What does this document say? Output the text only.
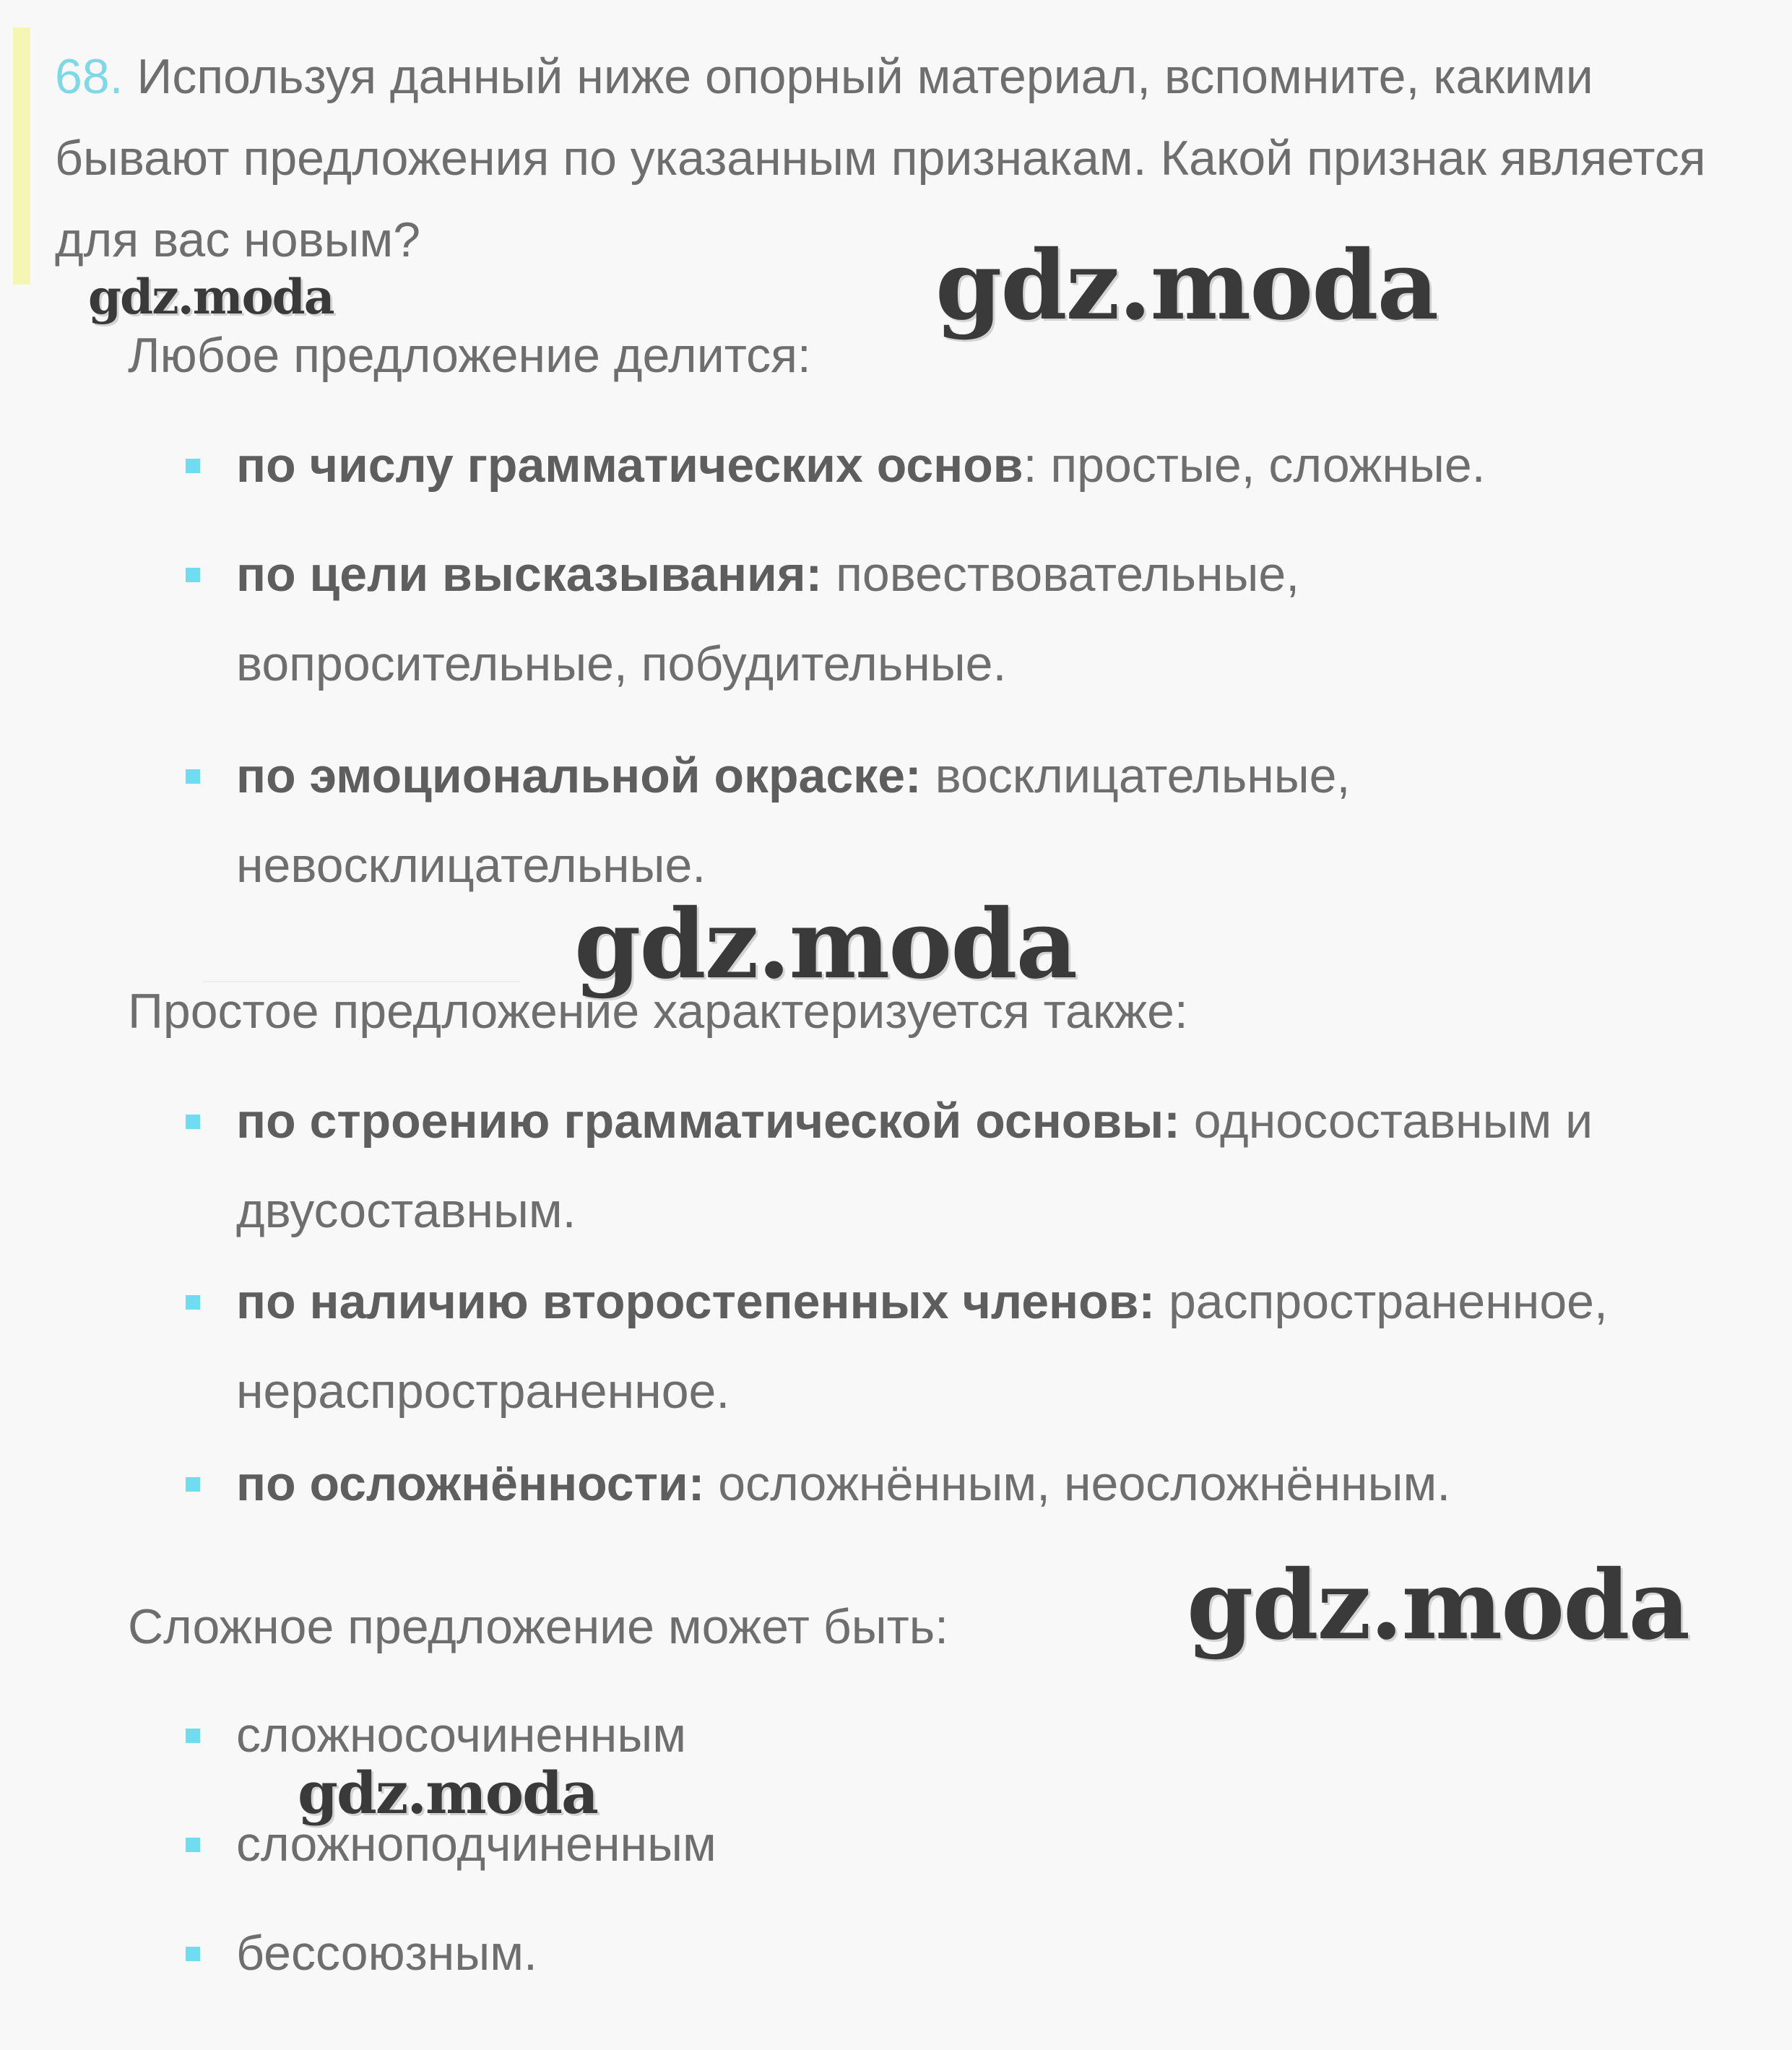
68. Используя данный ниже опорный материал, вспомните, какими бывают предложения по указанным признакам. Какой признак является для вас новым?
Любое предложение делится:
по числу грамматических основ: простые, сложные.
по цели высказывания: повествовательные, вопросительные, побудительные.
по эмоциональной окраске: восклицательные, невосклицательные.
Простое предложение характеризуется также:
по строению грамматической основы: односоставным и двусоставным.
по наличию второстепенных членов: распространенное, нераспространенное.
по осложнённости: осложнённым, неосложнённым.
Сложное предложение может быть:
сложносочиненным
сложноподчиненным
бессоюзным.
gdz.moda	gdz.moda
gdz.moda
gdz.moda
gdz.moda
